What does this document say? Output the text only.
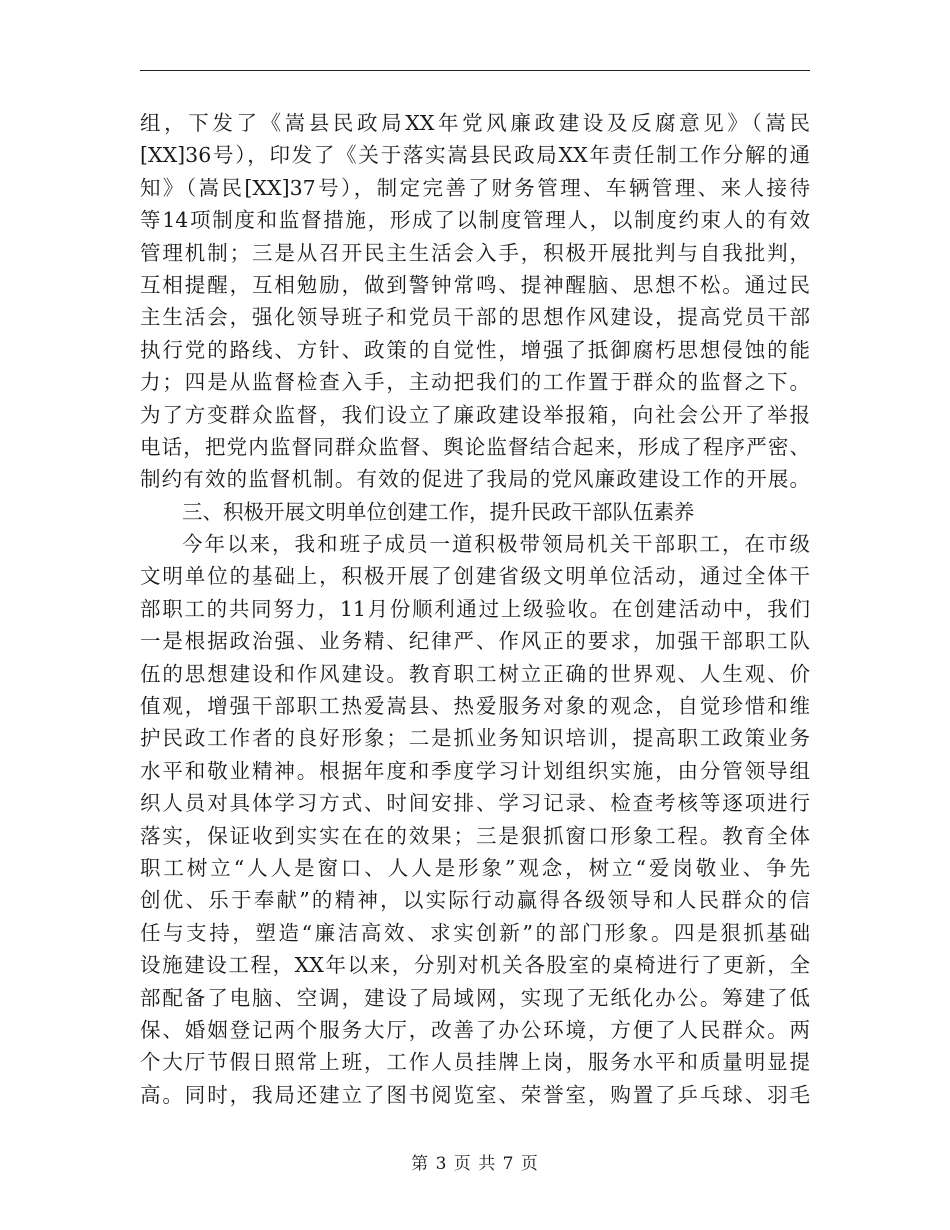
组，下发了《嵩县民政局XX年党风廉政建设及反腐意见》（嵩民
[XX]36号），印发了《关于落实嵩县民政局XX年责任制工作分解的通
知》（嵩民[XX]37号），制定完善了财务管理、车辆管理、来人接待
等14项制度和监督措施，形成了以制度管理人，以制度约束人的有效
管理机制；三是从召开民主生活会入手，积极开展批判与自我批判，
互相提醒，互相勉励，做到警钟常鸣、提神醒脑、思想不松。通过民
主生活会，强化领导班子和党员干部的思想作风建设，提高党员干部
执行党的路线、方针、政策的自觉性，增强了抵御腐朽思想侵蚀的能
力；四是从监督检查入手，主动把我们的工作置于群众的监督之下。
为了方变群众监督，我们设立了廉政建设举报箱，向社会公开了举报
电话，把党内监督同群众监督、舆论监督结合起来，形成了程序严密、
制约有效的监督机制。有效的促进了我局的党风廉政建设工作的开展。
三、积极开展文明单位创建工作，提升民政干部队伍素养
今年以来，我和班子成员一道积极带领局机关干部职工，在市级
文明单位的基础上，积极开展了创建省级文明单位活动，通过全体干
部职工的共同努力，11月份顺利通过上级验收。在创建活动中，我们
一是根据政治强、业务精、纪律严、作风正的要求，加强干部职工队
伍的思想建设和作风建设。教育职工树立正确的世界观、人生观、价
值观，增强干部职工热爱嵩县、热爱服务对象的观念，自觉珍惜和维
护民政工作者的良好形象；二是抓业务知识培训，提高职工政策业务
水平和敬业精神。根据年度和季度学习计划组织实施，由分管领导组
织人员对具体学习方式、时间安排、学习记录、检查考核等逐项进行
落实，保证收到实实在在的效果；三是狠抓窗口形象工程。教育全体
职工树立“人人是窗口、人人是形象”观念，树立“爱岗敬业、争先
创优、乐于奉献”的精神，以实际行动赢得各级领导和人民群众的信
任与支持，塑造“廉洁高效、求实创新”的部门形象。四是狠抓基础
设施建设工程，XX年以来，分别对机关各股室的桌椅进行了更新，全
部配备了电脑、空调，建设了局域网，实现了无纸化办公。筹建了低
保、婚姻登记两个服务大厅，改善了办公环境，方便了人民群众。两
个大厅节假日照常上班，工作人员挂牌上岗，服务水平和质量明显提
高。同时，我局还建立了图书阅览室、荣誉室，购置了乒乓球、羽毛
第 3 页 共 7 页
